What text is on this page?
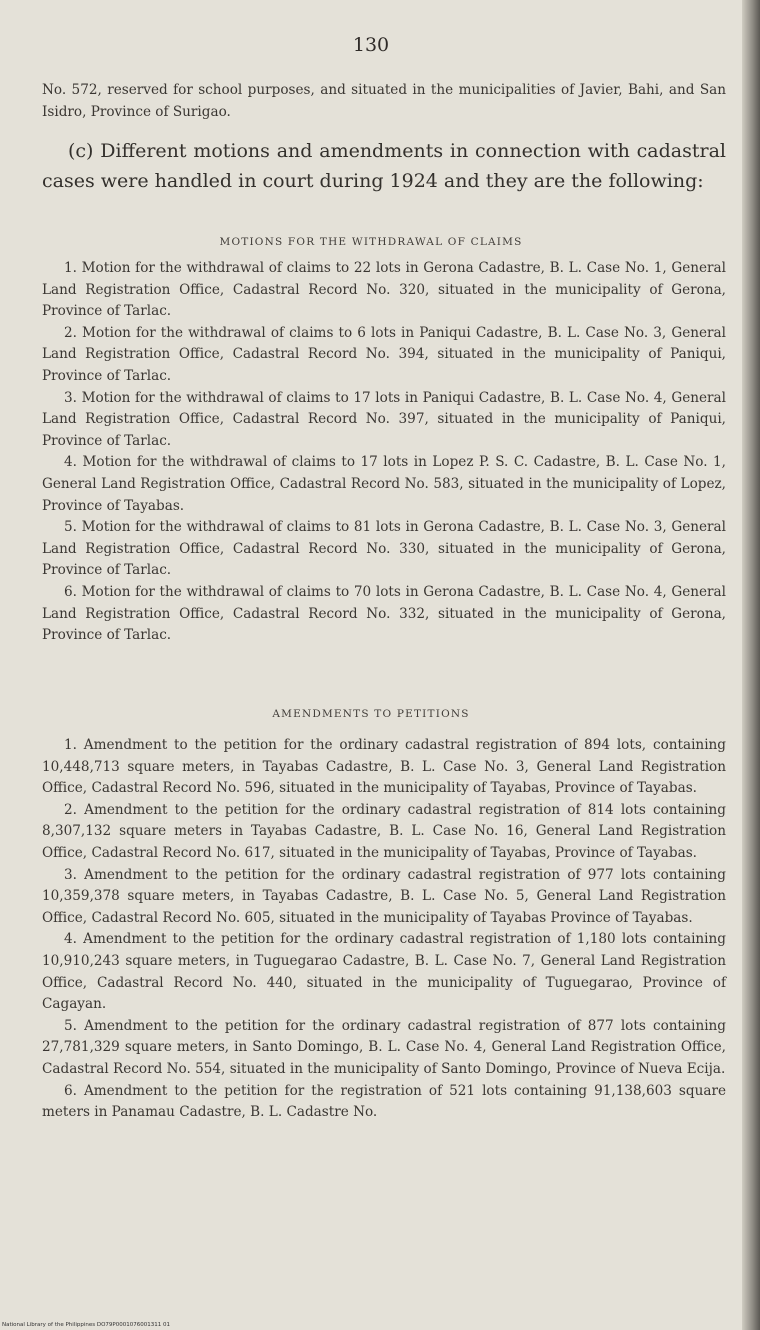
130

No. 572, reserved for school purposes, and situated in the municipalities of Javier, Bahi, and San Isidro, Province of Surigao.

(c) Different motions and amendments in connection with cadastral cases were handled in court during 1924 and they are the following:

MOTIONS FOR THE WITHDRAWAL OF CLAIMS

1. Motion for the withdrawal of claims to 22 lots in Gerona Cadastre, B. L. Case No. 1, General Land Registration Office, Cadastral Record No. 320, situated in the municipality of Gerona, Province of Tarlac.

2. Motion for the withdrawal of claims to 6 lots in Paniqui Cadastre, B. L. Case No. 3, General Land Registration Office, Cadastral Record No. 394, situated in the municipality of Paniqui, Province of Tarlac.

3. Motion for the withdrawal of claims to 17 lots in Paniqui Cadastre, B. L. Case No. 4, General Land Registration Office, Cadastral Record No. 397, situated in the municipality of Paniqui, Province of Tarlac.

4. Motion for the withdrawal of claims to 17 lots in Lopez P. S. C. Cadastre, B. L. Case No. 1, General Land Registration Office, Cadastral Record No. 583, situated in the municipality of Lopez, Province of Tayabas.

5. Motion for the withdrawal of claims to 81 lots in Gerona Cadastre, B. L. Case No. 3, General Land Registration Office, Cadastral Record No. 330, situated in the municipality of Gerona, Province of Tarlac.

6. Motion for the withdrawal of claims to 70 lots in Gerona Cadastre, B. L. Case No. 4, General Land Registration Office, Cadastral Record No. 332, situated in the municipality of Gerona, Province of Tarlac.

AMENDMENTS TO PETITIONS

1. Amendment to the petition for the ordinary cadastral registration of 894 lots, containing 10,448,713 square meters, in Tayabas Cadastre, B. L. Case No. 3, General Land Registration Office, Cadastral Record No. 596, situated in the municipality of Tayabas, Province of Tayabas.

2. Amendment to the petition for the ordinary cadastral registration of 814 lots containing 8,307,132 square meters in Tayabas Cadastre, B. L. Case No. 16, General Land Registration Office, Cadastral Record No. 617, situated in the municipality of Tayabas, Province of Tayabas.

3. Amendment to the petition for the ordinary cadastral registration of 977 lots containing 10,359,378 square meters, in Tayabas Cadastre, B. L. Case No. 5, General Land Registration Office, Cadastral Record No. 605, situated in the municipality of Tayabas Province of Tayabas.

4. Amendment to the petition for the ordinary cadastral registration of 1,180 lots containing 10,910,243 square meters, in Tuguegarao Cadastre, B. L. Case No. 7, General Land Registration Office, Cadastral Record No. 440, situated in the municipality of Tuguegarao, Province of Cagayan.

5. Amendment to the petition for the ordinary cadastral registration of 877 lots containing 27,781,329 square meters, in Santo Domingo, B. L. Case No. 4, General Land Registration Office, Cadastral Record No. 554, situated in the municipality of Santo Domingo, Province of Nueva Ecija.

6. Amendment to the petition for the registration of 521 lots containing 91,138,603 square meters in Panamau Cadastre, B. L. Cadastre No.

National Library of the Philippines DO79P0001076001311 01
